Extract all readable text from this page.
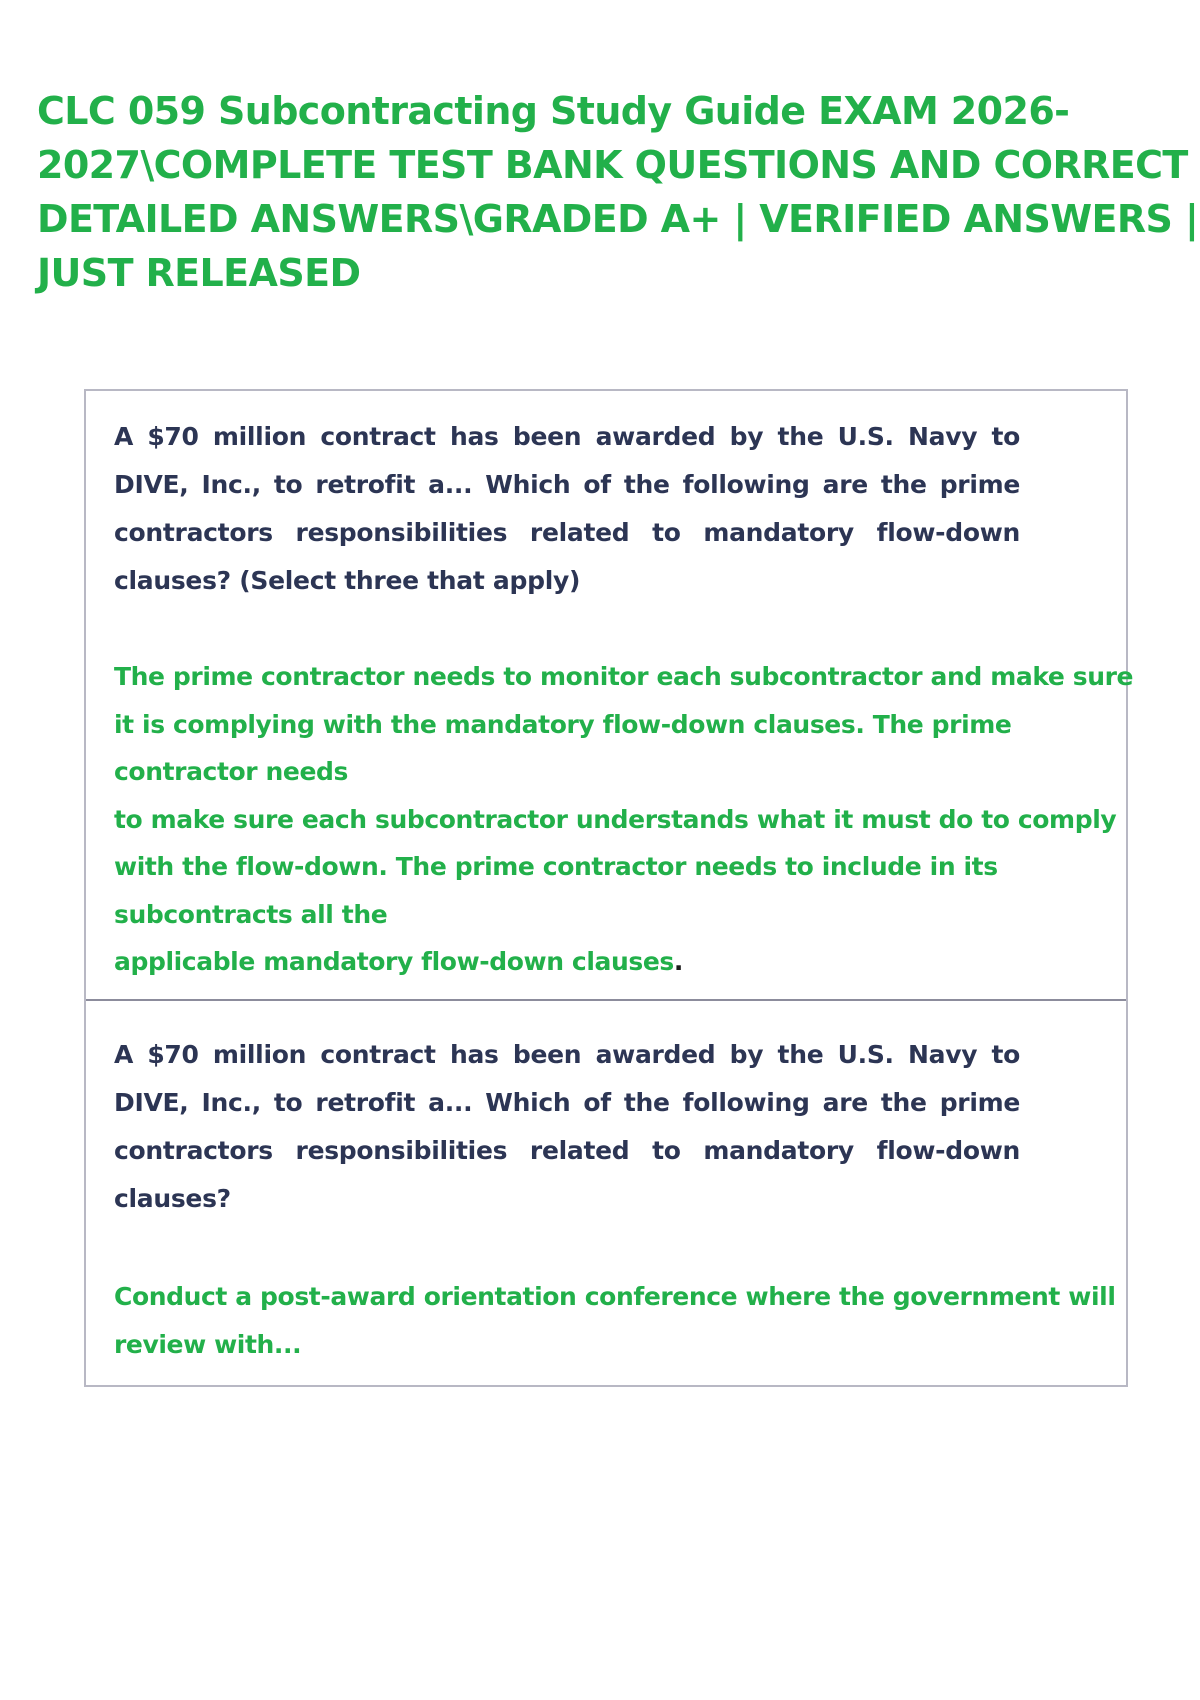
CLC 059 Subcontracting Study Guide EXAM 2026-
2027\COMPLETE TEST BANK QUESTIONS AND CORRECT
DETAILED ANSWERS\GRADED A+ | VERIFIED ANSWERS |
JUST RELEASED

A $70 million contract has been awarded by the U.S. Navy to DIVE, Inc., to retrofit a... Which of the following are the prime contractors responsibilities related to mandatory flow-down clauses? (Select three that apply)

The prime contractor needs to monitor each subcontractor and make sure
it is complying with the mandatory flow-down clauses. The prime
contractor needs
to make sure each subcontractor understands what it must do to comply
with the flow-down. The prime contractor needs to include in its
subcontracts all the
applicable mandatory flow-down clauses.

A $70 million contract has been awarded by the U.S. Navy to DIVE, Inc., to retrofit a... Which of the following are the prime contractors responsibilities related to mandatory flow-down clauses?

Conduct a post-award orientation conference where the government will
review with...
